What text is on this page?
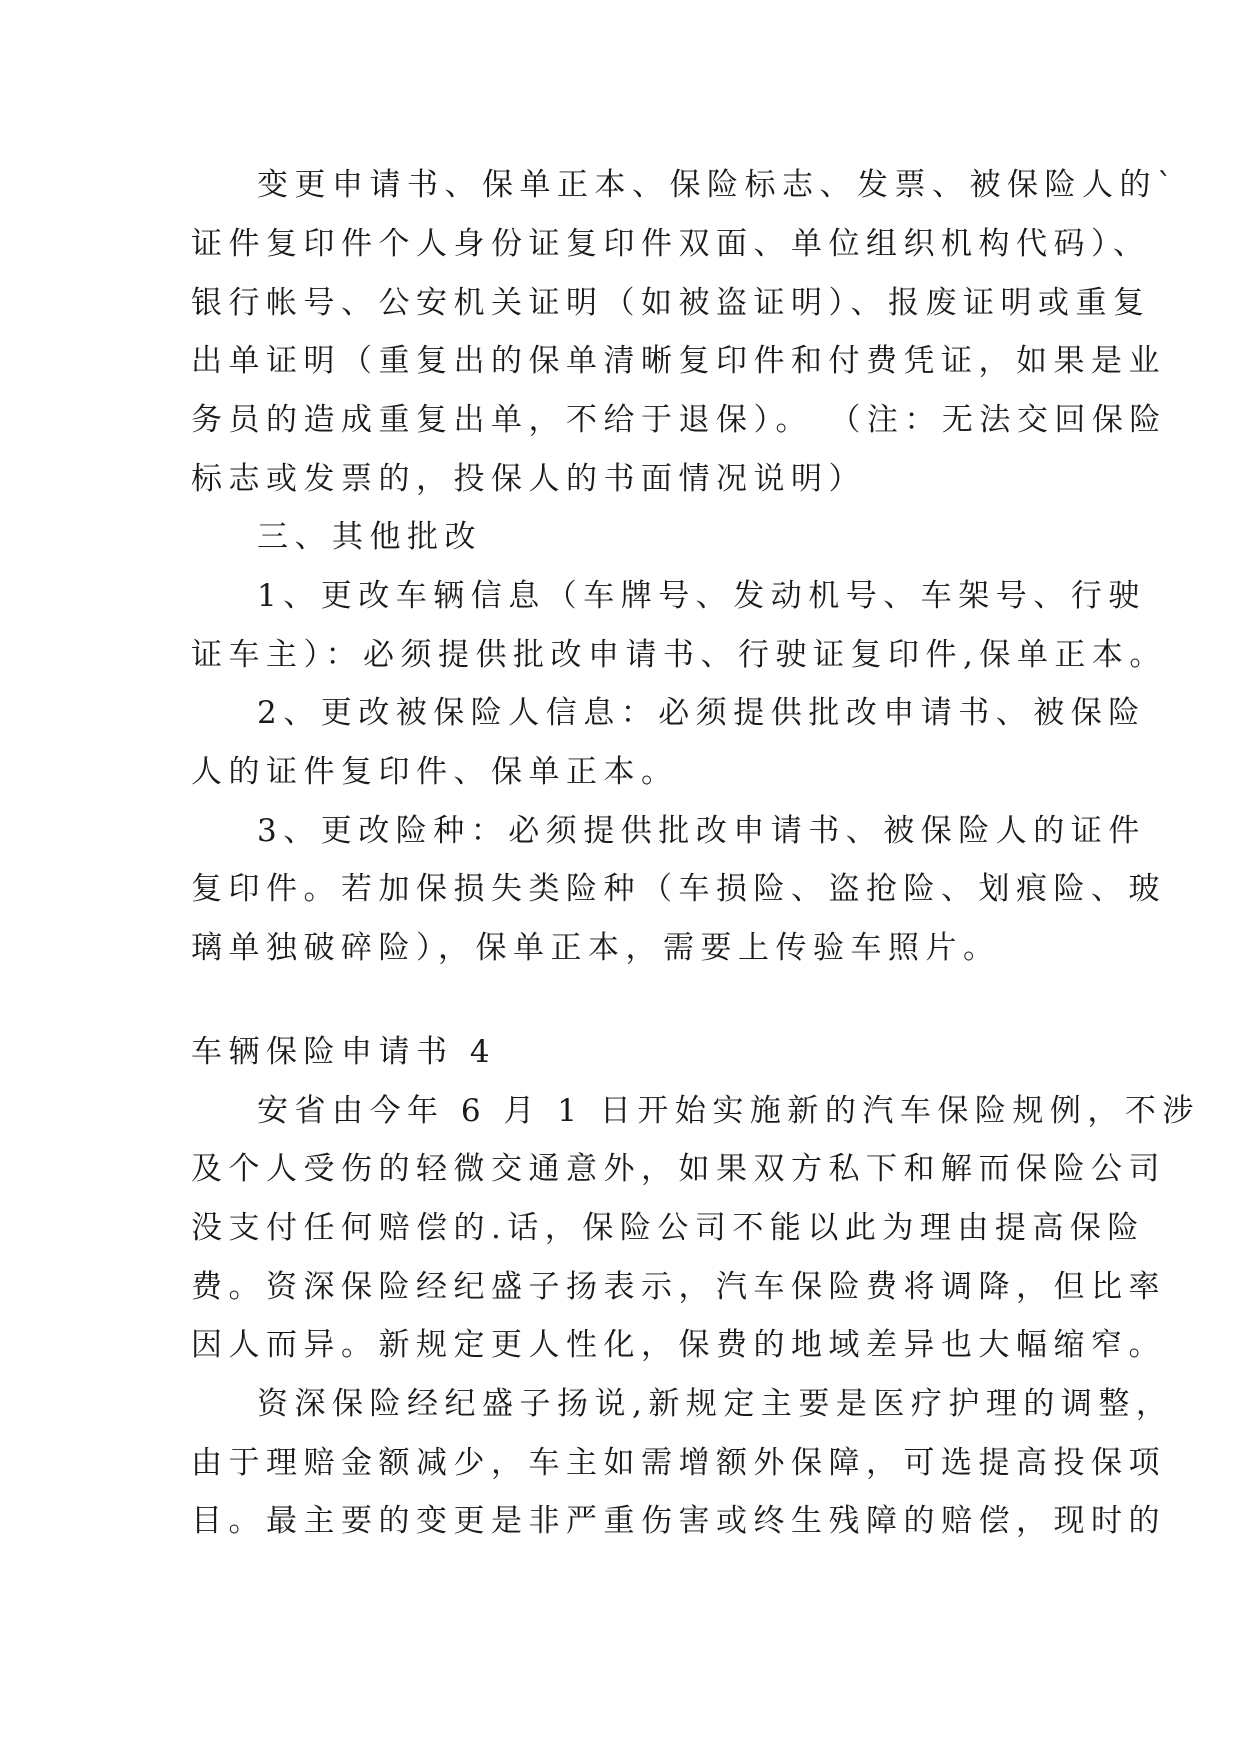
变更申请书、保单正本、保险标志、发票、被保险人的`
证件复印件个人身份证复印件双面、单位组织机构代码）、
银行帐号、公安机关证明（如被盗证明）、报废证明或重复
出单证明（重复出的保单清晰复印件和付费凭证，如果是业
务员的造成重复出单，不给于退保）。 （注：无法交回保险
标志或发票的，投保人的书面情况说明）
三、其他批改
1、更改车辆信息（车牌号、发动机号、车架号、行驶
证车主）：必须提供批改申请书、行驶证复印件,保单正本。
2、更改被保险人信息：必须提供批改申请书、被保险
人的证件复印件、保单正本。
3、更改险种：必须提供批改申请书、被保险人的证件
复印件。若加保损失类险种（车损险、盗抢险、划痕险、玻
璃单独破碎险），保单正本，需要上传验车照片。
车辆保险申请书 4
安省由今年 6 月 1 日开始实施新的汽车保险规例，不涉
及个人受伤的轻微交通意外，如果双方私下和解而保险公司
没支付任何赔偿的.话，保险公司不能以此为理由提高保险
费。资深保险经纪盛子扬表示，汽车保险费将调降，但比率
因人而异。新规定更人性化，保费的地域差异也大幅缩窄。
资深保险经纪盛子扬说,新规定主要是医疗护理的调整，
由于理赔金额减少，车主如需增额外保障，可选提高投保项
目。最主要的变更是非严重伤害或终生残障的赔偿，现时的
